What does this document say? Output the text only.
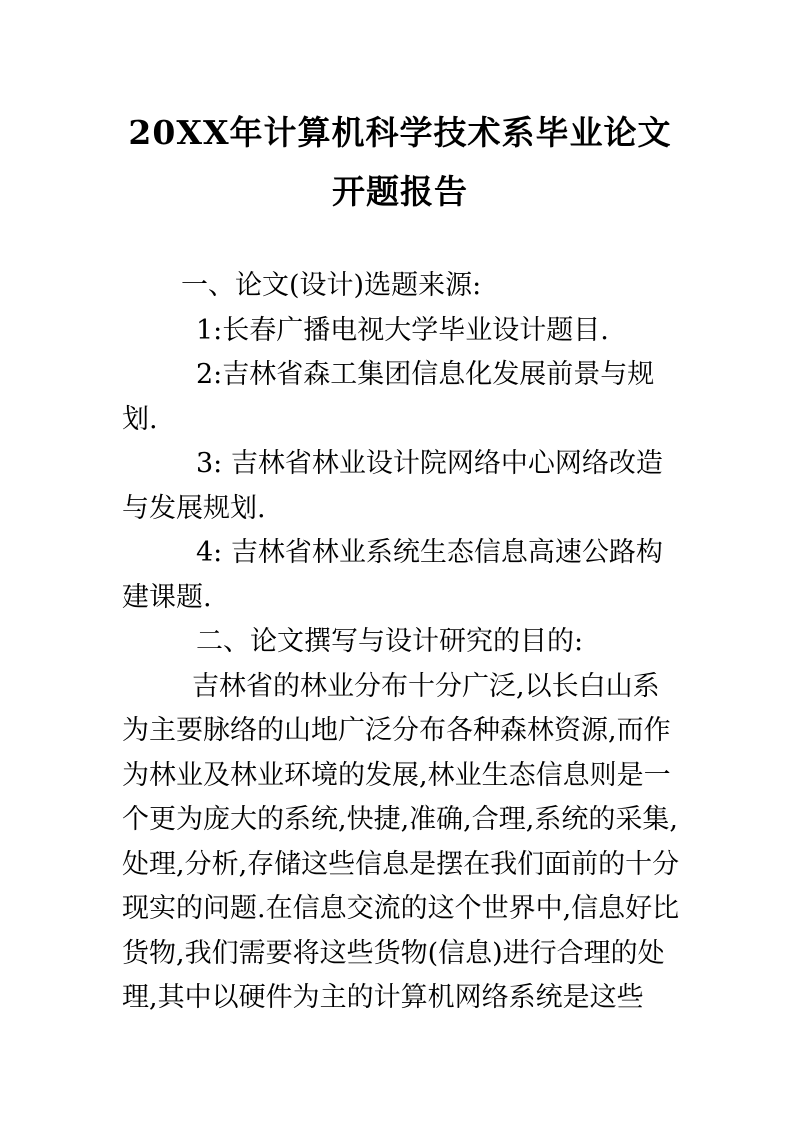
20XX年计算机科学技术系毕业论文
开题报告

一、论文(设计)选题来源:

1:长春广播电视大学毕业设计题目.

2:吉林省森工集团信息化发展前景与规划.

3: 吉林省林业设计院网络中心网络改造与发展规划.

4: 吉林省林业系统生态信息高速公路构建课题.

二、论文撰写与设计研究的目的:

吉林省的林业分布十分广泛,以长白山系为主要脉络的山地广泛分布各种森林资源,而作为林业及林业环境的发展,林业生态信息则是一个更为庞大的系统,快捷,准确,合理,系统的采集,处理,分析,存储这些信息是摆在我们面前的十分现实的问题.在信息交流的这个世界中,信息好比货物,我们需要将这些货物(信息)进行合理的处理,其中以硬件为主的计算机网络系统是这些
